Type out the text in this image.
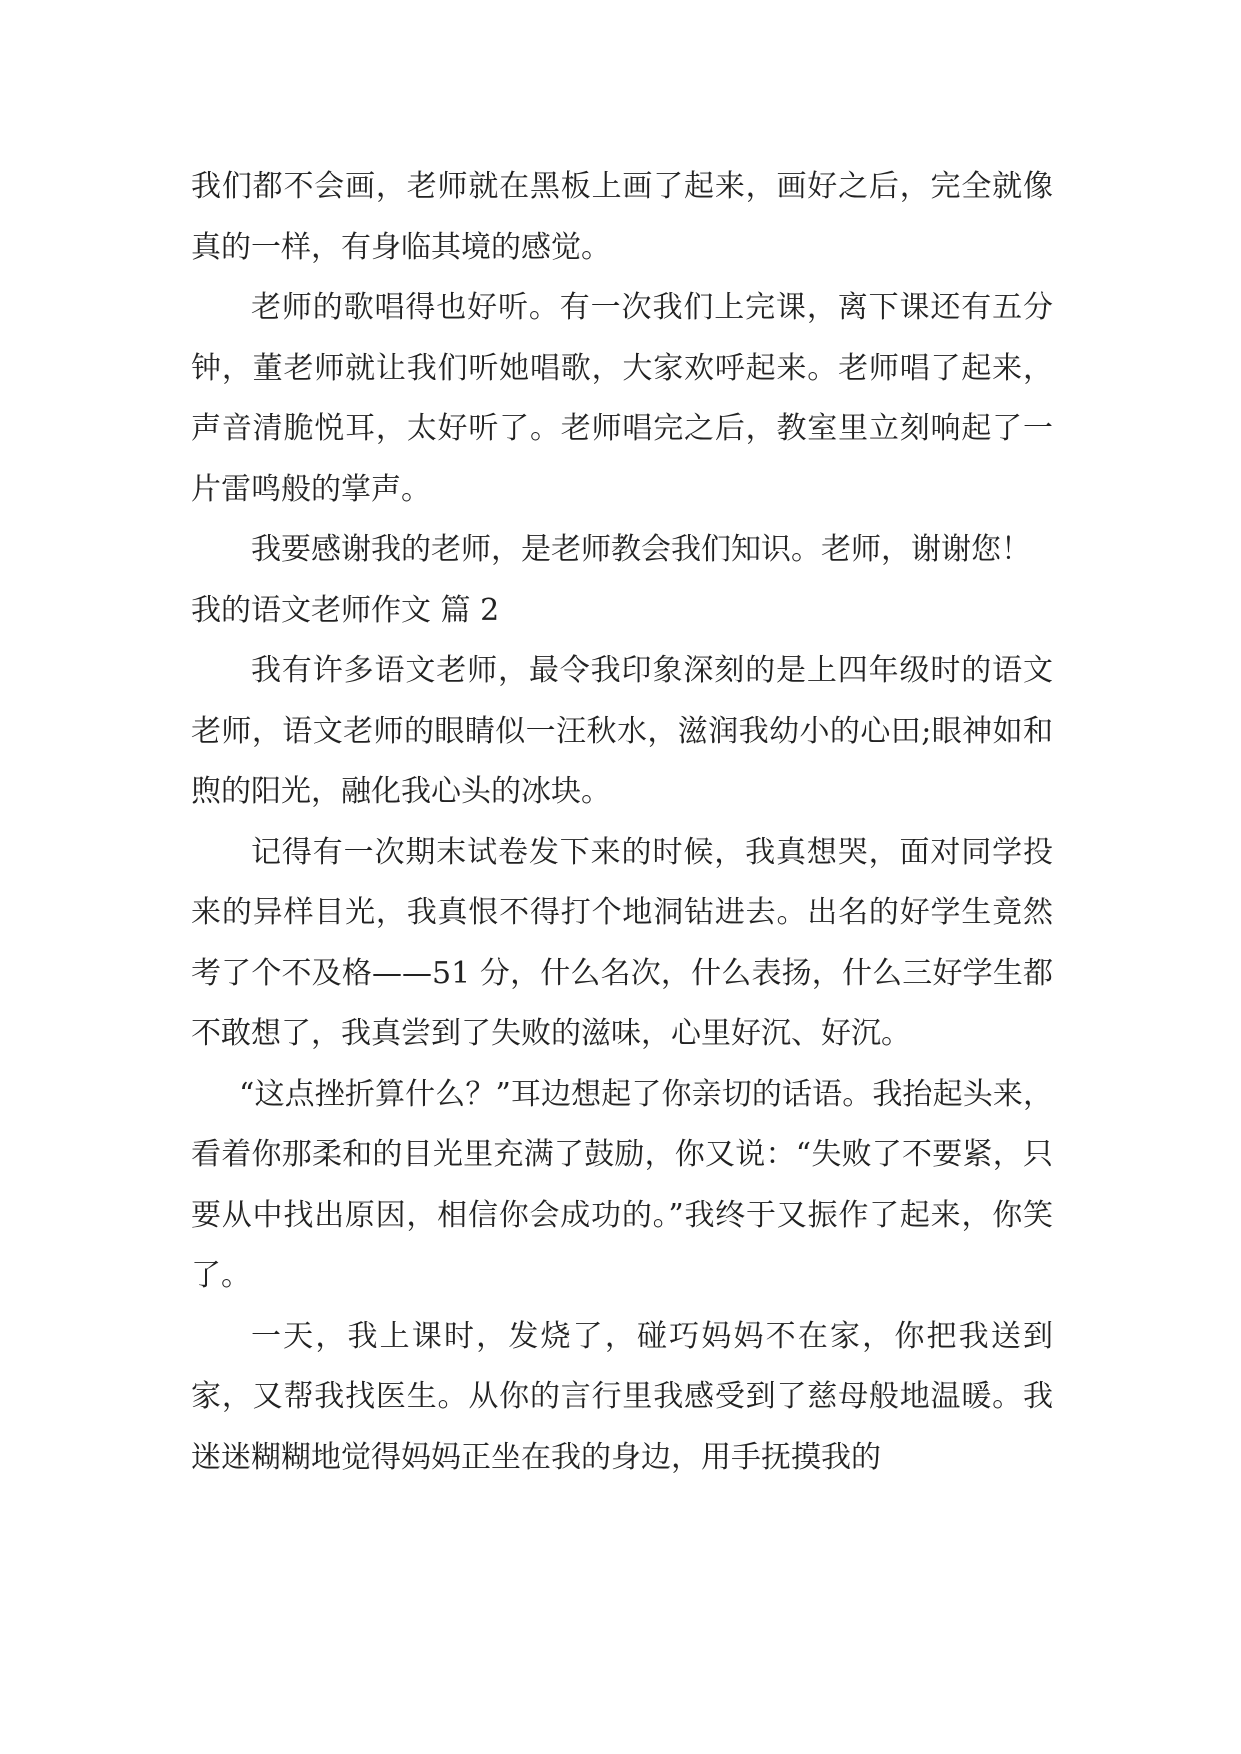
我们都不会画，老师就在黑板上画了起来，画好之后，完全就像真的一样，有身临其境的感觉。

老师的歌唱得也好听。有一次我们上完课，离下课还有五分钟，董老师就让我们听她唱歌，大家欢呼起来。老师唱了起来，声音清脆悦耳，太好听了。老师唱完之后，教室里立刻响起了一片雷鸣般的掌声。

我要感谢我的老师，是老师教会我们知识。老师，谢谢您！

我的语文老师作文 篇 2

我有许多语文老师，最令我印象深刻的是上四年级时的语文老师，语文老师的眼睛似一汪秋水，滋润我幼小的心田;眼神如和煦的阳光，融化我心头的冰块。

记得有一次期末试卷发下来的时候，我真想哭，面对同学投来的异样目光，我真恨不得打个地洞钻进去。出名的好学生竟然考了个不及格——51 分，什么名次，什么表扬，什么三好学生都不敢想了，我真尝到了失败的滋味，心里好沉、好沉。

“这点挫折算什么？”耳边想起了你亲切的话语。我抬起头来，看着你那柔和的目光里充满了鼓励，你又说：“失败了不要紧，只要从中找出原因，相信你会成功的。”我终于又振作了起来，你笑了。

一天，我上课时，发烧了，碰巧妈妈不在家，你把我送到家，又帮我找医生。从你的言行里我感受到了慈母般地温暖。我迷迷糊糊地觉得妈妈正坐在我的身边，用手抚摸我的
